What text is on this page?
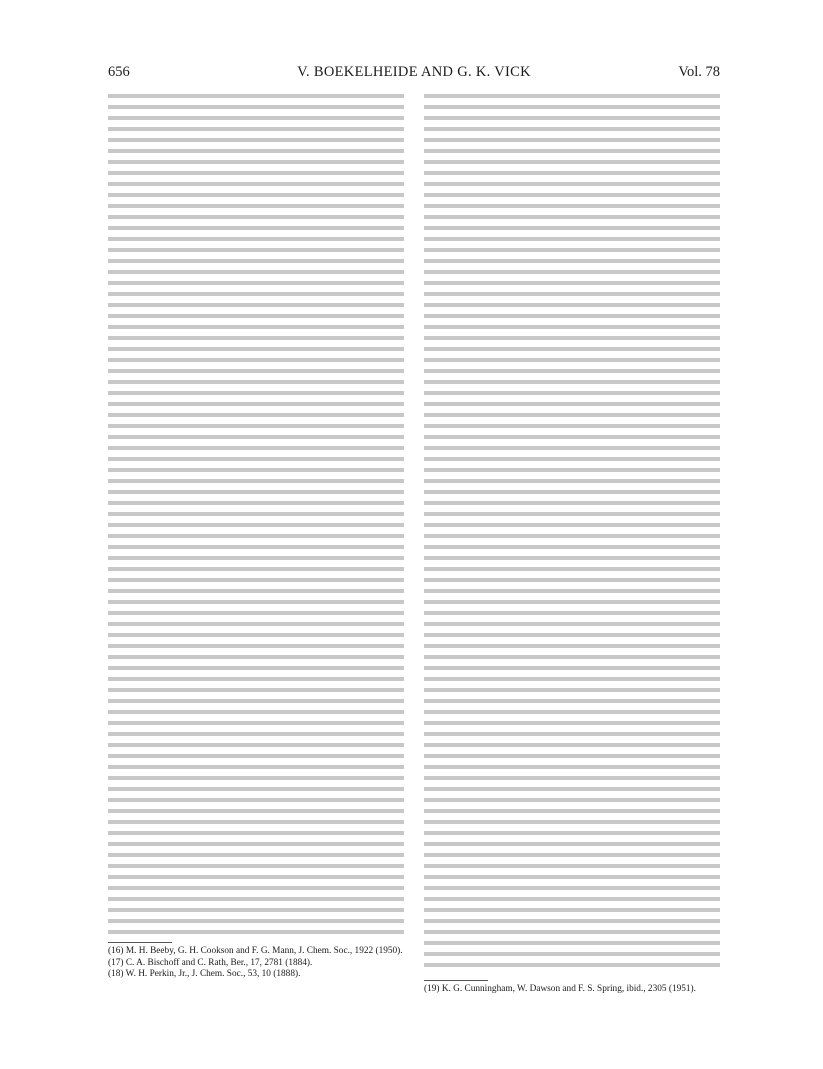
656	V. BOEKELHEIDE AND G. K. VICK	Vol. 78
(16) M. H. Beeby, G. H. Cookson and F. G. Mann, J. Chem. Soc., 1922 (1950).
(17) C. A. Bischoff and C. Rath, Ber., 17, 2781 (1884).
(18) W. H. Perkin, Jr., J. Chem. Soc., 53, 10 (1888).
(19) K. G. Cunningham, W. Dawson and F. S. Spring, ibid., 2305 (1951).
